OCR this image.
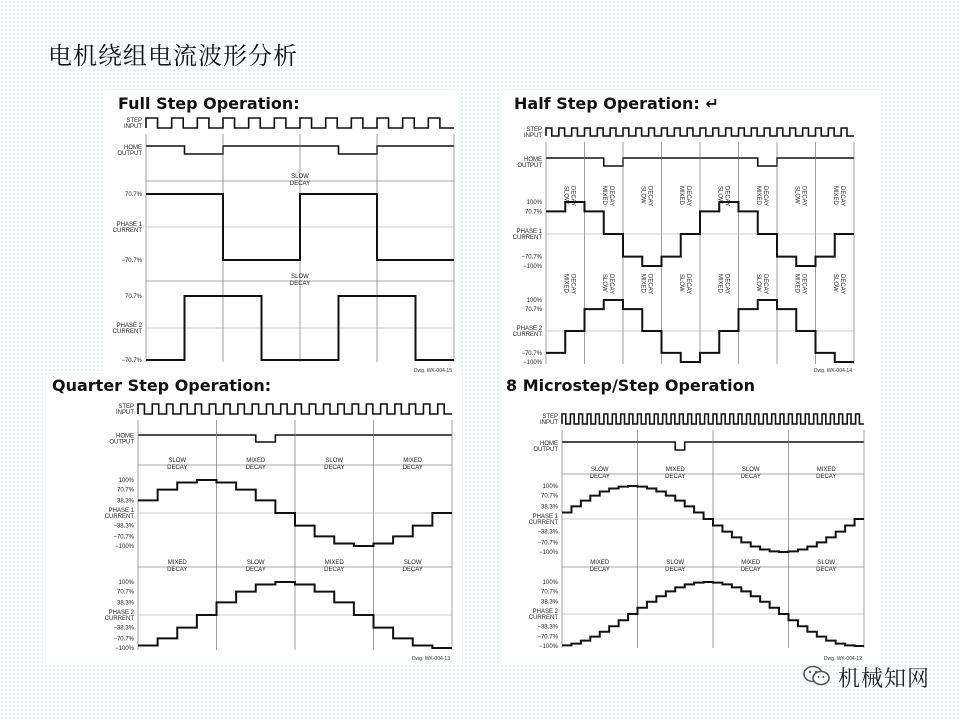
电机绕组电流波形分析
Full Step Operation:
STEP
INPUT
HOME
OUTPUT
PHASE 1
CURRENT
PHASE 2
CURRENT
SLOW
DECAY
SLOW
DECAY
70.7%
−70.7%
70.7%
−70.7%
Dwg. WK-004-15
Half Step Operation: ↵
STEP
INPUT
HOME
OUTPUT
PHASE 1
CURRENT
PHASE 2
CURRENT
SLOW DECAY	MIXED DECAY	SLOW DECAY	MIXED DECAY	SLOW DECAY	MIXED DECAY	SLOW DECAY	MIXED DECAY
MIXED DECAY	SLOW DECAY	MIXED DECAY	SLOW DECAY	MIXED DECAY	SLOW DECAY	MIXED DECAY	SLOW DECAY
100%
70.7%
−70.7%
−100%
100%
70.7%
−70.7%
−100%
Dwg. WK-004-14
Quarter Step Operation:
STEP
INPUT
HOME
OUTPUT
PHASE 1
CURRENT
PHASE 2
CURRENT
SLOW
DECAY
MIXED
DECAY
SLOW
DECAY
MIXED
DECAY
MIXED
DECAY
SLOW
DECAY
MIXED
DECAY
SLOW
DECAY
100%
70.7%
38.3%
−38.3%
−70.7%
−100%
100%
70.7%
38.3%
−38.3%
−70.7%
−100%
Dwg. WK-004-13
8 Microstep/Step Operation
STEP
INPUT
HOME
OUTPUT
PHASE 1
CURRENT
PHASE 2
CURRENT
SLOW
DECAY
MIXED
DECAY
SLOW
DECAY
MIXED
DECAY
MIXED
DECAY
SLOW
DECAY
MIXED
DECAY
SLOW
DECAY
100%
70.7%
38.3%
−38.3%
−70.7%
−100%
100%
70.7%
38.3%
−38.3%
−70.7%
−100%
Dwg. WK-004-12
机械知网
